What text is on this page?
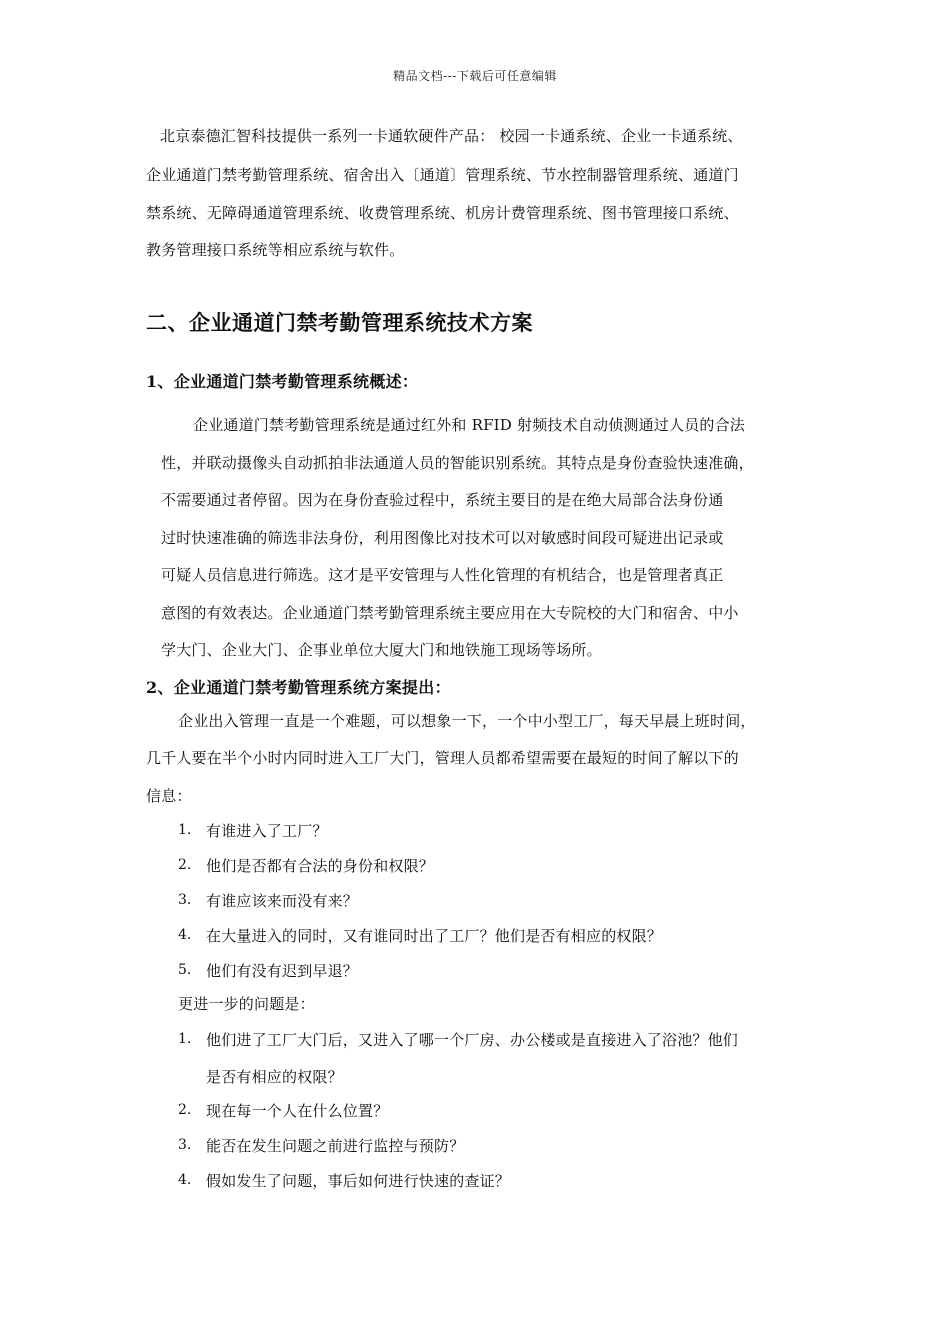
精品文档---下载后可任意编辑
北京泰德汇智科技提供一系列一卡通软硬件产品： 校园一卡通系统、企业一卡通系统、
企业通道门禁考勤管理系统、宿舍出入〔通道〕管理系统、节水控制器管理系统、通道门
禁系统、无障碍通道管理系统、收费管理系统、机房计费管理系统、图书管理接口系统、
教务管理接口系统等相应系统与软件。
二、企业通道门禁考勤管理系统技术方案
1、企业通道门禁考勤管理系统概述：
企业通道门禁考勤管理系统是通过红外和 RFID 射频技术自动侦测通过人员的合法
性，并联动摄像头自动抓拍非法通道人员的智能识别系统。其特点是身份查验快速准确，
不需要通过者停留。因为在身份查验过程中，系统主要目的是在绝大局部合法身份通
过时快速准确的筛选非法身份，利用图像比对技术可以对敏感时间段可疑进出记录或
可疑人员信息进行筛选。这才是平安管理与人性化管理的有机结合，也是管理者真正
意图的有效表达。企业通道门禁考勤管理系统主要应用在大专院校的大门和宿舍、中小
学大门、企业大门、企事业单位大厦大门和地铁施工现场等场所。
2、企业通道门禁考勤管理系统方案提出：
企业出入管理一直是一个难题，可以想象一下，一个中小型工厂，每天早晨上班时间，
几千人要在半个小时内同时进入工厂大门，管理人员都希望需要在最短的时间了解以下的
信息：
1. 有谁进入了工厂？
2. 他们是否都有合法的身份和权限？
3. 有谁应该来而没有来？
4. 在大量进入的同时，又有谁同时出了工厂？他们是否有相应的权限？
5. 他们有没有迟到早退？
更进一步的问题是：
1. 他们进了工厂大门后，又进入了哪一个厂房、办公楼或是直接进入了浴池？他们
是否有相应的权限？
2. 现在每一个人在什么位置？
3. 能否在发生问题之前进行监控与预防？
4. 假如发生了问题，事后如何进行快速的查证？
